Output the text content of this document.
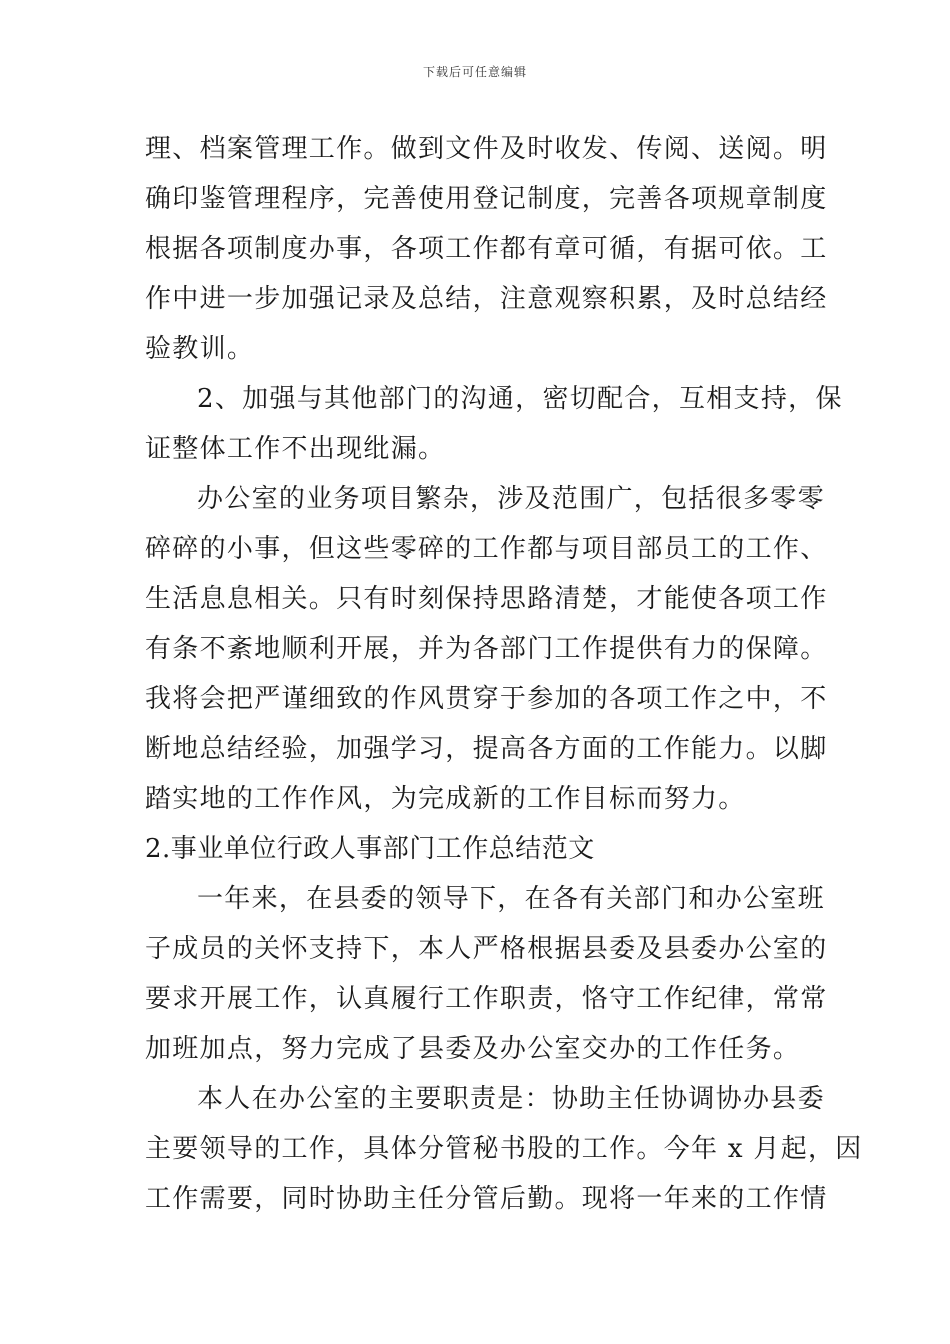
下载后可任意编辑
理、档案管理工作。做到文件及时收发、传阅、送阅。明
确印鉴管理程序，完善使用登记制度，完善各项规章制度
根据各项制度办事，各项工作都有章可循，有据可依。工
作中进一步加强记录及总结，注意观察积累，及时总结经
验教训。
2、加强与其他部门的沟通，密切配合，互相支持，保
证整体工作不出现纰漏。
办公室的业务项目繁杂，涉及范围广，包括很多零零
碎碎的小事，但这些零碎的工作都与项目部员工的工作、
生活息息相关。只有时刻保持思路清楚，才能使各项工作
有条不紊地顺利开展，并为各部门工作提供有力的保障。
我将会把严谨细致的作风贯穿于参加的各项工作之中，不
断地总结经验，加强学习，提高各方面的工作能力。以脚
踏实地的工作作风，为完成新的工作目标而努力。
2.事业单位行政人事部门工作总结范文
一年来，在县委的领导下，在各有关部门和办公室班
子成员的关怀支持下，本人严格根据县委及县委办公室的
要求开展工作，认真履行工作职责，恪守工作纪律，常常
加班加点，努力完成了县委及办公室交办的工作任务。
本人在办公室的主要职责是：协助主任协调协办县委
主要领导的工作，具体分管秘书股的工作。今年 x 月起，因
工作需要，同时协助主任分管后勤。现将一年来的工作情
